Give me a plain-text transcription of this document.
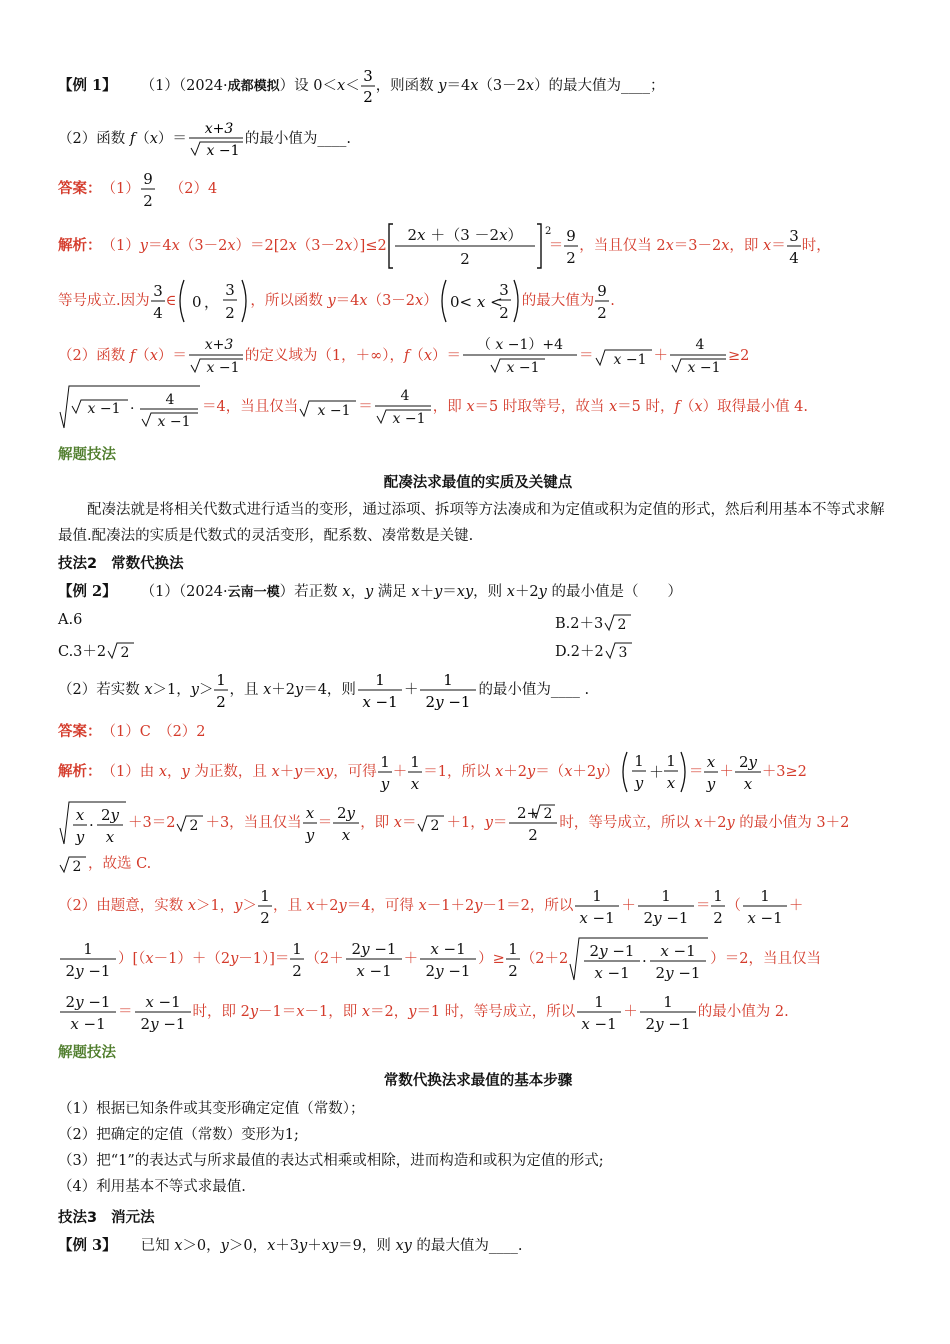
【例 1】 （1）（2024·成都模拟）设 0＜x＜
3
2
，则函数 y＝4x（3－2x）的最大值为____；
（2）函数 f（x）＝
x+3
x −1
的最小值为____.
答案： （1）
9
2
（2）4
解析： （1）y＝4x（3－2x）＝2[2x（3－2x）]≤2
2x ＋（3 －2x）
2
2
＝
9
2
，当且仅当 2x＝3－2x，即 x＝
3
4
时，
等号成立.因为
3
4
∈ 0 ，
3
2
，所以函数 y＝4x（3－2x） 0< x <
3
2
的最大值为
9
2
.
（2）函数 f（x）＝
x+3
x −1
的定义域为（1，＋∞），f（x）＝
（ x −1）+4
x −1
＝ x −1 ＋
4
x −1
≥2
x −1 ·
4
x −1
＝4，当且仅当 x −1 ＝
4
x −1
，即 x＝5 时取等号，故当 x＝5 时，f（x）取得最小值 4.
解题技法
配凑法求最值的实质及关键点
配凑法就是将相关代数式进行适当的变形，通过添项、拆项等方法凑成和为定值或积为定值的形式，然后利用基本不等式求解最值.配凑法的实质是代数式的灵活变形，配系数、凑常数是关键.
技法2 常数代换法
【例 2】 （1）（2024·云南一模）若正数 x，y 满足 x＋y＝xy，则 x＋2y 的最小值是（　　）
A.6	B.2＋3 2
C.3＋2 2	D.2＋2 3
（2）若实数 x＞1，y＞
1
2
，且 x＋2y＝4，则
1
x −1
＋
1
2y −1
的最小值为____ .
答案： （1）C　（2）2
解析： （1）由 x，y 为正数，且 x＋y＝xy，可得
1
y
＋
1
x
＝1，所以 x＋2y＝（x＋2y）
1
y
＋
1
x
＝
x
y
＋
2y
x
＋3≥2
x
y
·
2y
x
＋3＝2 2 ＋3，当且仅当
x
y
＝
2y
x
，即 x＝ 2 ＋1，y＝
2+ 2
2
时，等号成立，所以 x＋2y 的最小值为 3＋2
2 ，故选 C.
（2）由题意，实数 x＞1，y＞
1
2
，且 x＋2y＝4，可得 x－1＋2y－1＝2，所以
1
x −1
＋
1
2y −1
＝
1
2
（
1
x −1
＋
1
2y −1
）[（x－1）＋（2y－1）]＝
1
2
（2＋
2y −1
x −1
＋
x −1
2y −1
）≥
1
2
（2＋2 2y −1
x −1
·
x −1
2y −1
）＝2，当且仅当
2y −1
x −1
＝
x −1
2y −1
时，即 2y－1＝x－1，即 x＝2，y＝1 时，等号成立，所以
1
x −1
＋
1
2y −1
的最小值为 2.
解题技法
常数代换法求最值的基本步骤
（1）根据已知条件或其变形确定定值（常数）；
（2）把确定的定值（常数）变形为1;
（3）把“1”的表达式与所求最值的表达式相乘或相除，进而构造和或积为定值的形式;
（4）利用基本不等式求最值.
技法3 消元法
【例 3】 已知 x＞0，y＞0，x＋3y＋xy＝9，则 xy 的最大值为____.
